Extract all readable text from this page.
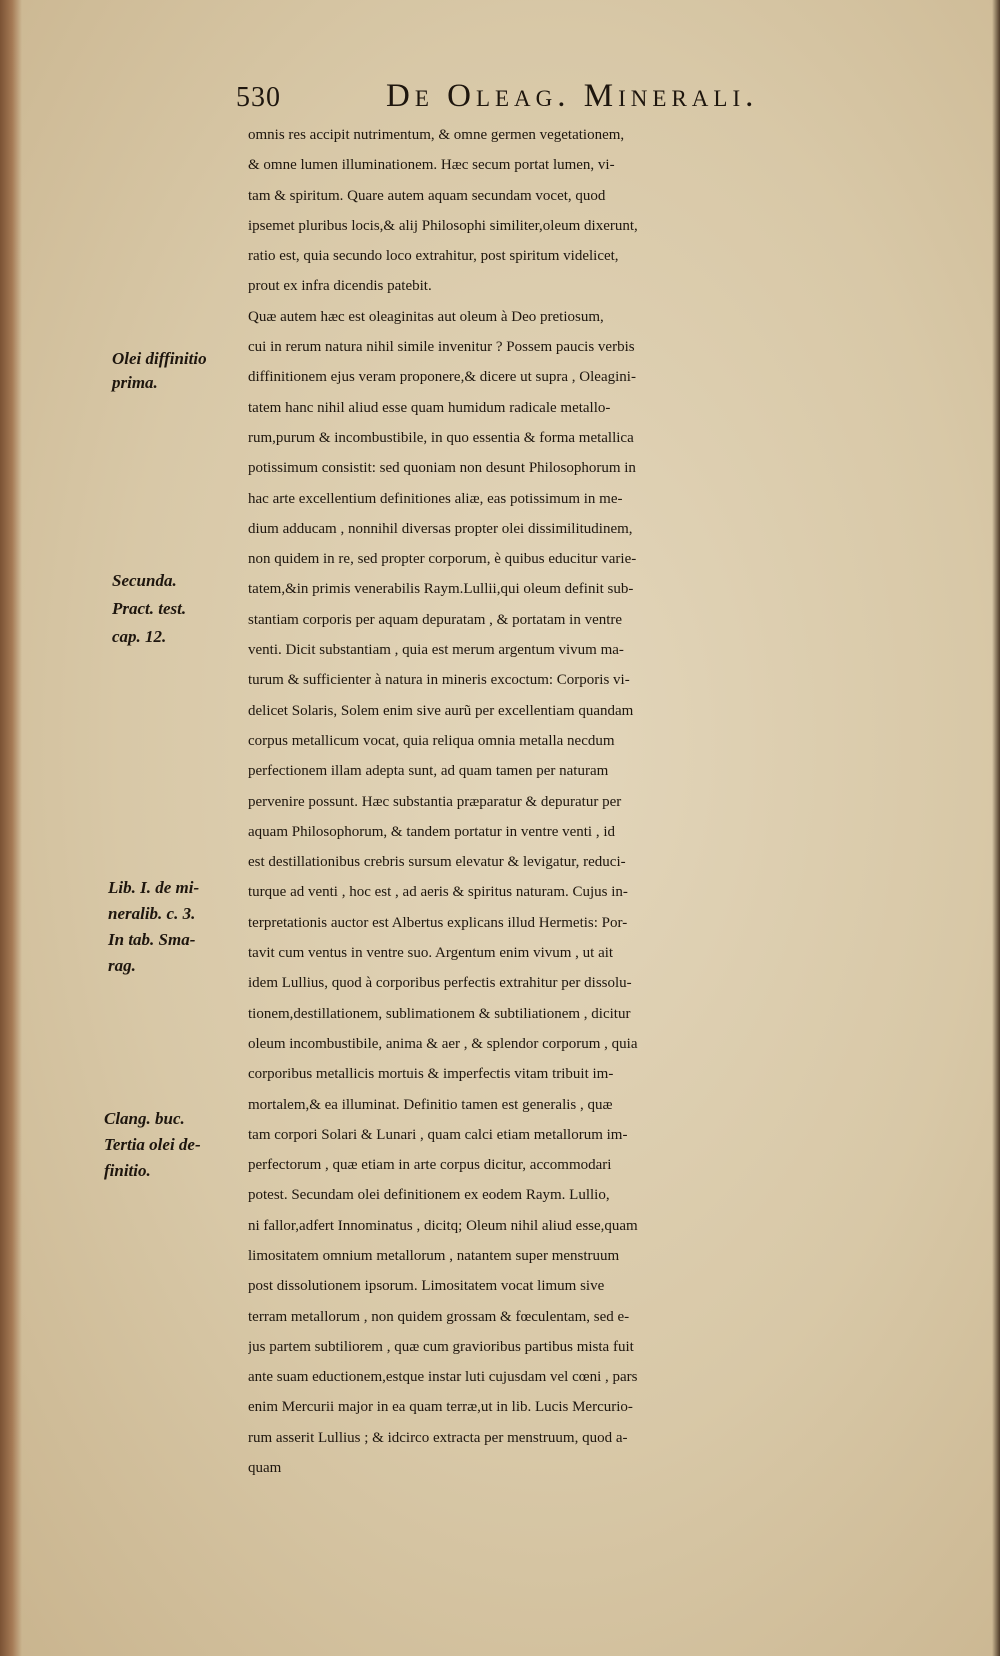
530	De Oleag. Minerali.
Olei diffinitio
prima.
Secunda.
Pract. test.
cap. 12.
Lib. I. de mi-
neralib. c. 3.
In tab. Sma-
rag.
Clang. buc.
Tertia olei de-
finitio.
omnis res accipit nutrimentum, & omne germen vegetationem,
& omne lumen illuminationem. Hæc secum portat lumen, vi-
tam & spiritum. Quare autem aquam secundam vocet, quod
ipsemet pluribus locis,& alij Philosophi similiter,oleum dixerunt,
ratio est, quia secundo loco extrahitur, post spiritum videlicet,
prout ex infra dicendis patebit.
Quæ autem hæc est oleaginitas aut oleum à Deo pretiosum,
cui in rerum natura nihil simile invenitur ? Possem paucis verbis
diffinitionem ejus veram proponere,& dicere ut supra , Oleagini-
tatem hanc nihil aliud esse quam humidum radicale metallo-
rum,purum & incombustibile, in quo essentia & forma metallica
potissimum consistit: sed quoniam non desunt Philosophorum in
hac arte excellentium definitiones aliæ, eas potissimum in me-
dium adducam , nonnihil diversas propter olei dissimilitudinem,
non quidem in re, sed propter corporum, è quibus educitur varie-
tatem,&in primis venerabilis Raym.Lullii,qui oleum definit sub-
stantiam corporis per aquam depuratam , & portatam in ventre
venti. Dicit substantiam , quia est merum argentum vivum ma-
turum & sufficienter à natura in mineris excoctum: Corporis vi-
delicet Solaris, Solem enim sive aurũ per excellentiam quandam
corpus metallicum vocat, quia reliqua omnia metalla necdum
perfectionem illam adepta sunt, ad quam tamen per naturam
pervenire possunt. Hæc substantia præparatur & depuratur per
aquam Philosophorum, & tandem portatur in ventre venti , id
est destillationibus crebris sursum elevatur & levigatur, reduci-
turque ad venti , hoc est , ad aeris & spiritus naturam. Cujus in-
terpretationis auctor est Albertus explicans illud Hermetis: Por-
tavit cum ventus in ventre suo. Argentum enim vivum , ut ait
idem Lullius, quod à corporibus perfectis extrahitur per dissolu-
tionem,destillationem, sublimationem & subtiliationem , dicitur
oleum incombustibile, anima & aer , & splendor corporum , quia
corporibus metallicis mortuis & imperfectis vitam tribuit im-
mortalem,& ea illuminat. Definitio tamen est generalis , quæ
tam corpori Solari & Lunari , quam calci etiam metallorum im-
perfectorum , quæ etiam in arte corpus dicitur, accommodari
potest. Secundam olei definitionem ex eodem Raym. Lullio,
ni fallor,adfert Innominatus , dicitq; Oleum nihil aliud esse,quam
limositatem omnium metallorum , natantem super menstruum
post dissolutionem ipsorum. Limositatem vocat limum sive
terram metallorum , non quidem grossam & fœculentam, sed e-
jus partem subtiliorem , quæ cum gravioribus partibus mista fuit
ante suam eductionem,estque instar luti cujusdam vel cœni , pars
enim Mercurii major in ea quam terræ,ut in lib. Lucis Mercurio-
rum asserit Lullius ; & idcirco extracta per menstruum, quod a-
quam
